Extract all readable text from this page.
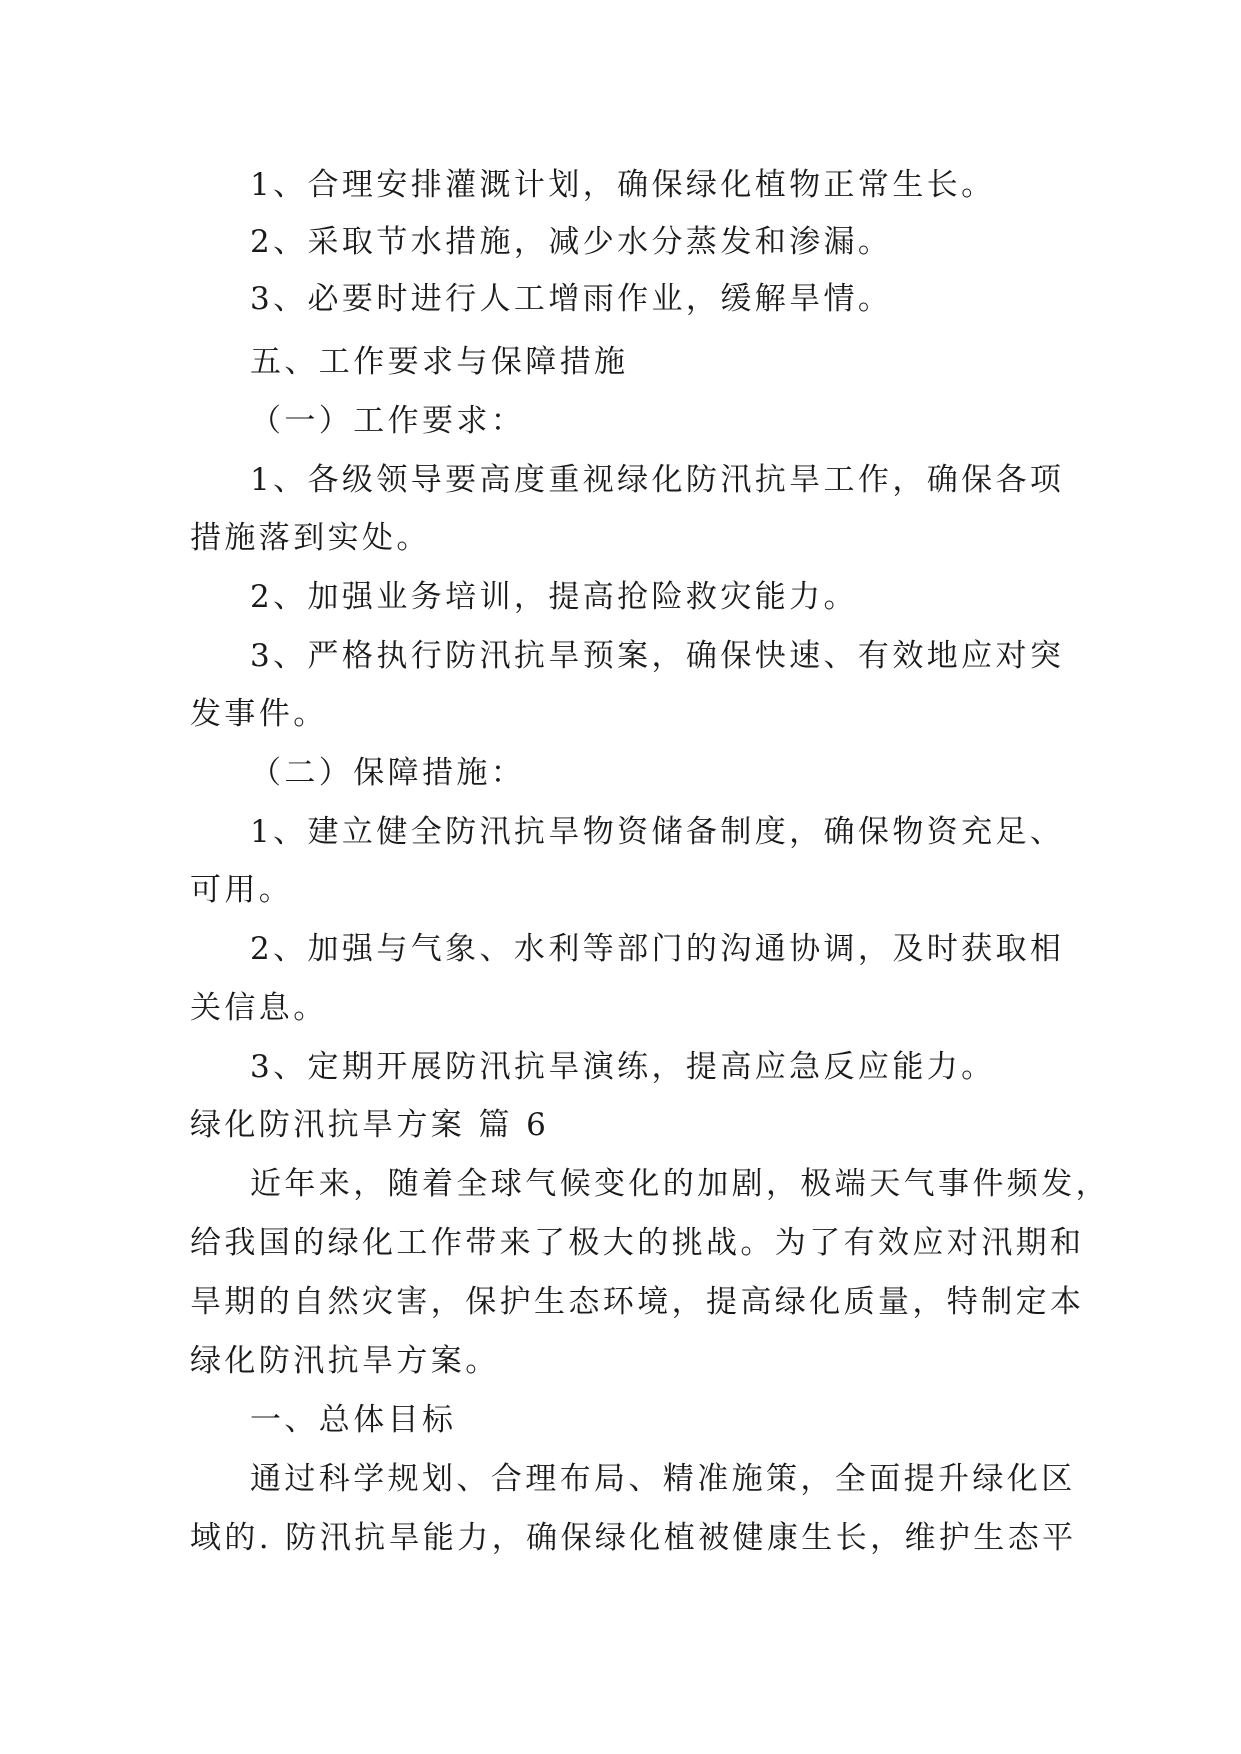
1、合理安排灌溉计划，确保绿化植物正常生长。

2、采取节水措施，减少水分蒸发和渗漏。

3、必要时进行人工增雨作业，缓解旱情。

五、工作要求与保障措施

（一）工作要求：

1、各级领导要高度重视绿化防汛抗旱工作，确保各项

措施落到实处。

2、加强业务培训，提高抢险救灾能力。

3、严格执行防汛抗旱预案，确保快速、有效地应对突

发事件。

（二）保障措施：

1、建立健全防汛抗旱物资储备制度，确保物资充足、

可用。

2、加强与气象、水利等部门的沟通协调，及时获取相

关信息。

3、定期开展防汛抗旱演练，提高应急反应能力。

绿化防汛抗旱方案 篇 6

近年来，随着全球气候变化的加剧，极端天气事件频发，

给我国的绿化工作带来了极大的挑战。为了有效应对汛期和

旱期的自然灾害，保护生态环境，提高绿化质量，特制定本

绿化防汛抗旱方案。

一、总体目标

通过科学规划、合理布局、精准施策，全面提升绿化区

域的. 防汛抗旱能力，确保绿化植被健康生长，维护生态平
